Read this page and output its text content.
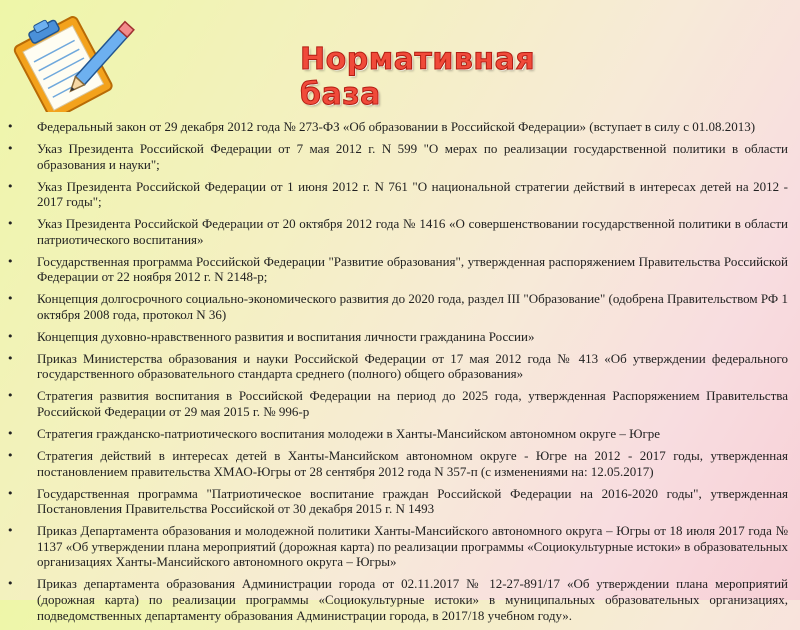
Нормативная база
• Федеральный закон от 29 декабря 2012 года № 273-ФЗ «Об образовании в Российской Федерации» (вступает в силу с 01.08.2013)
• Указ Президента Российской Федерации от 7 мая 2012 г. N 599 "О мерах по реализации государственной политики в области образования и науки";
• Указ Президента Российской Федерации от 1 июня 2012 г. N 761 "О национальной стратегии действий в интересах детей на 2012 - 2017 годы";
• Указ Президента Российской Федерации от 20 октября 2012 года № 1416 «О совершенствовании государственной политики в области патриотического воспитания»
• Государственная программа Российской Федерации "Развитие образования", утвержденная распоряжением Правительства Российской Федерации от 22 ноября 2012 г. N 2148-р;
• Концепция долгосрочного социально-экономического развития до 2020 года, раздел III "Образование" (одобрена Правительством РФ 1 октября 2008 года, протокол N 36)
• Концепция духовно-нравственного развития и воспитания личности гражданина России»
• Приказ Министерства образования и науки Российской Федерации от 17 мая 2012 года № 413 «Об утверждении федерального государственного образовательного стандарта среднего (полного) общего образования»
• Стратегия развития воспитания в Российской Федерации на период до 2025 года, утвержденная Распоряжением Правительства Российской Федерации от 29 мая 2015 г. № 996-р
• Стратегия гражданско-патриотического воспитания молодежи в Ханты-Мансийском автономном округе – Югре
• Стратегия действий в интересах детей в Ханты-Мансийском автономном округе - Югре на 2012 - 2017 годы, утвержденная постановлением правительства ХМАО-Югры от 28 сентября 2012 года N 357-п (с изменениями на: 12.05.2017)
• Государственная программа "Патриотическое воспитание граждан Российской Федерации на 2016-2020 годы", утвержденная Постановления Правительства Российской от 30 декабря 2015 г. N 1493
• Приказ Департамента образования и молодежной политики Ханты-Мансийского автономного округа – Югры от 18 июля 2017 года № 1137 «Об утверждении плана мероприятий (дорожная карта) по реализации программы «Социокультурные истоки» в образовательных организациях Ханты-Мансийского автономного округа – Югры»
• Приказ департамента образования Администрации города от 02.11.2017 № 12-27-891/17 «Об утверждении плана мероприятий (дорожная карта) по реализации программы «Социокультурные истоки» в муниципальных образовательных организациях, подведомственных департаменту образования Администрации города, в 2017/18 учебном году».
